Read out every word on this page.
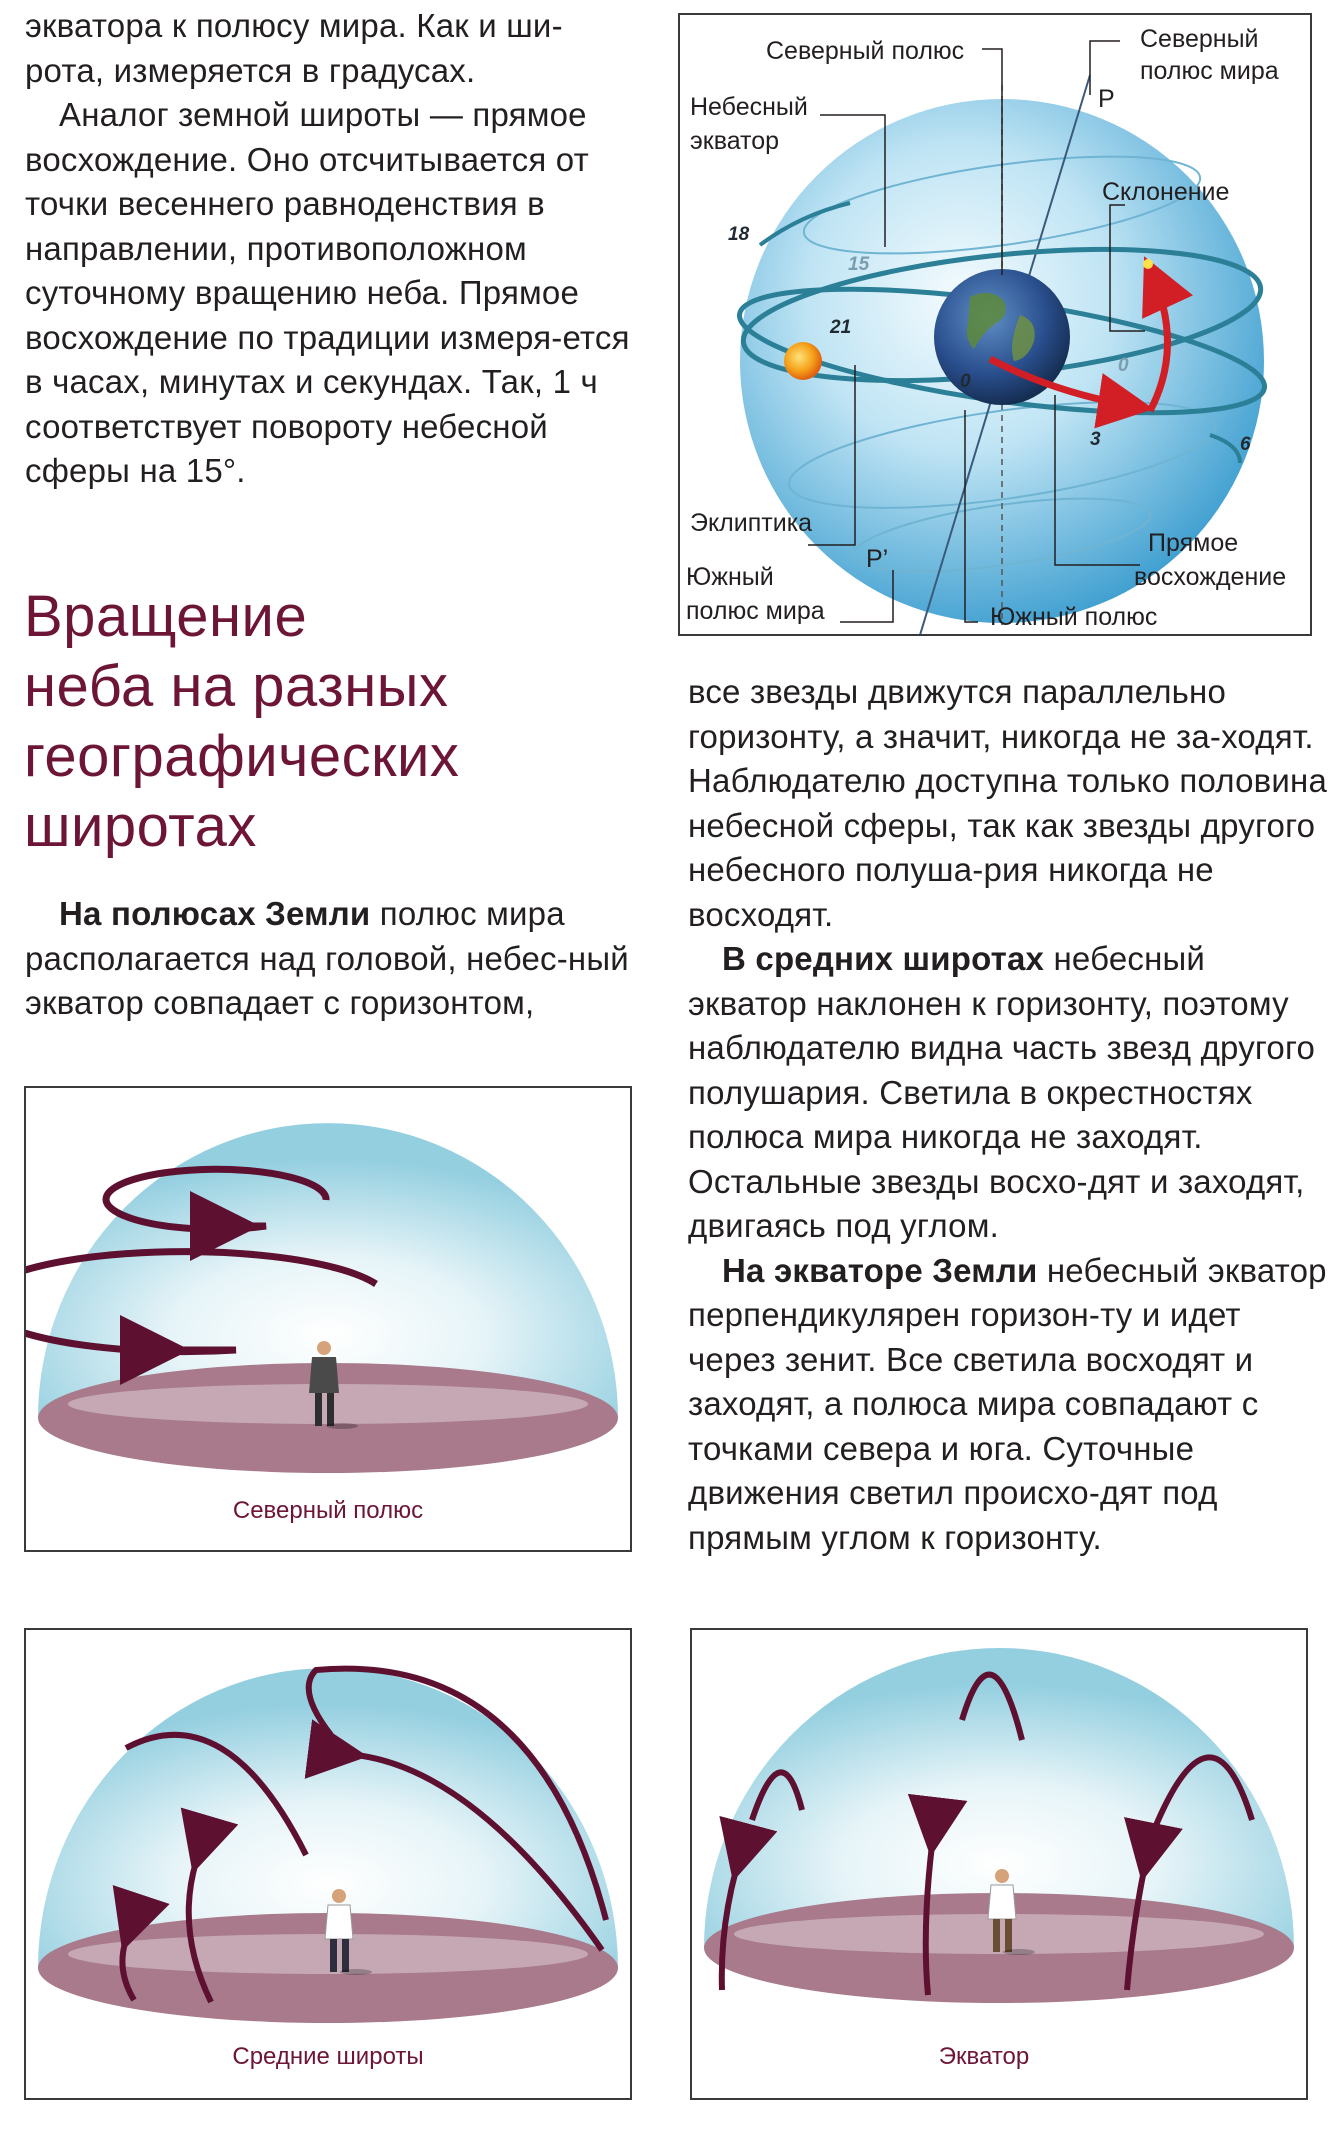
экватора к полюсу мира. Как и ши-

рота, измеряется в градусах.

Аналог земной широты — прямое восхождение. Оно отсчитывается от точки весеннего равноденствия в направлении, противоположном суточному вращению неба. Прямое восхождение по традиции измеря-ется в часах, минутах и секундах. Так, 1 ч соответствует повороту небесной сферы на 15°.

Вращение
неба на разных
географических
широтах

На полюсах Земли полюс мира располагается над головой, небес-ный экватор совпадает с горизонтом,

все звезды движутся параллельно горизонту, а значит, никогда не за-ходят. Наблюдателю доступна только половина небесной сферы, так как звезды другого небесного полуша-рия никогда не восходят.

В средних широтах небесный экватор наклонен к горизонту, поэтому наблюдателю видна часть звезд другого полушария. Светила в окрестностях полюса мира никогда не заходят. Остальные звезды восхо-дят и заходят, двигаясь под углом.

На экваторе Земли небесный экватор перпендикулярен горизон-ту и идет через зенит. Все светила восходят и заходят, а полюса мира совпадают с точками севера и юга. Суточные движения светил происхо-дят под прямым углом к горизонту.

18
15
21
0
3	6
0
Северный полюс	Северный
полюс мира
Небесный
экватор
Склонение
Эклиптика
Южный
полюс мира	Южный полюс
Прямое
восхождение
P
P’
Северный полюс
Средние широты	Экватор
